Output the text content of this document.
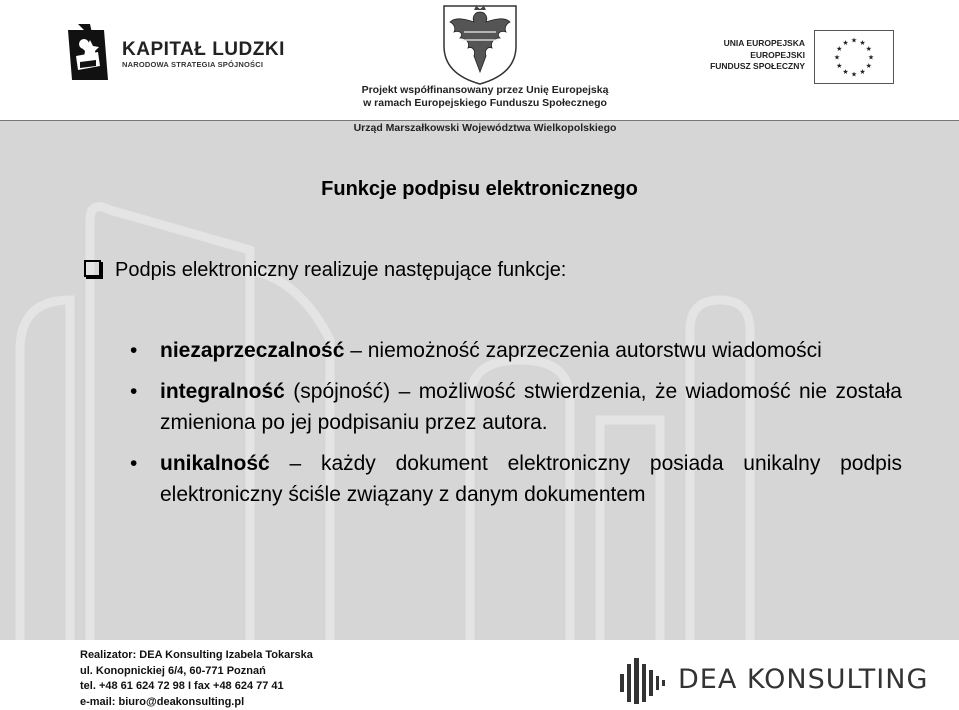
KAPITAŁ LUDZKI
NARODOWA STRATEGIA SPÓJNOŚCI
UNIA EUROPEJSKA
EUROPEJSKI
FUNDUSZ SPOŁECZNY
★
★
★
★
★
★
★
★
★ ★ ★
★
Projekt współfinansowany przez Unię Europejską
w ramach Europejskiego Funduszu Społecznego
Urząd Marszałkowski Województwa Wielkopolskiego
Funkcje podpisu elektronicznego
Podpis elektroniczny realizuje następujące funkcje:
• niezaprzeczalność – niemożność zaprzeczenia autorstwu wiadomości
• integralność (spójność) – możliwość stwierdzenia, że wiadomość nie została zmieniona po jej podpisaniu przez autora.
• unikalność – każdy dokument elektroniczny posiada unikalny podpis elektroniczny ściśle związany z danym dokumentem
Realizator: DEA Konsulting Izabela Tokarska
ul. Konopnickiej 6/4, 60-771 Poznań
tel. +48 61 624 72 98 I fax +48 624 77 41
e-mail: biuro@deakonsulting.pl
DEA KONSULTING
